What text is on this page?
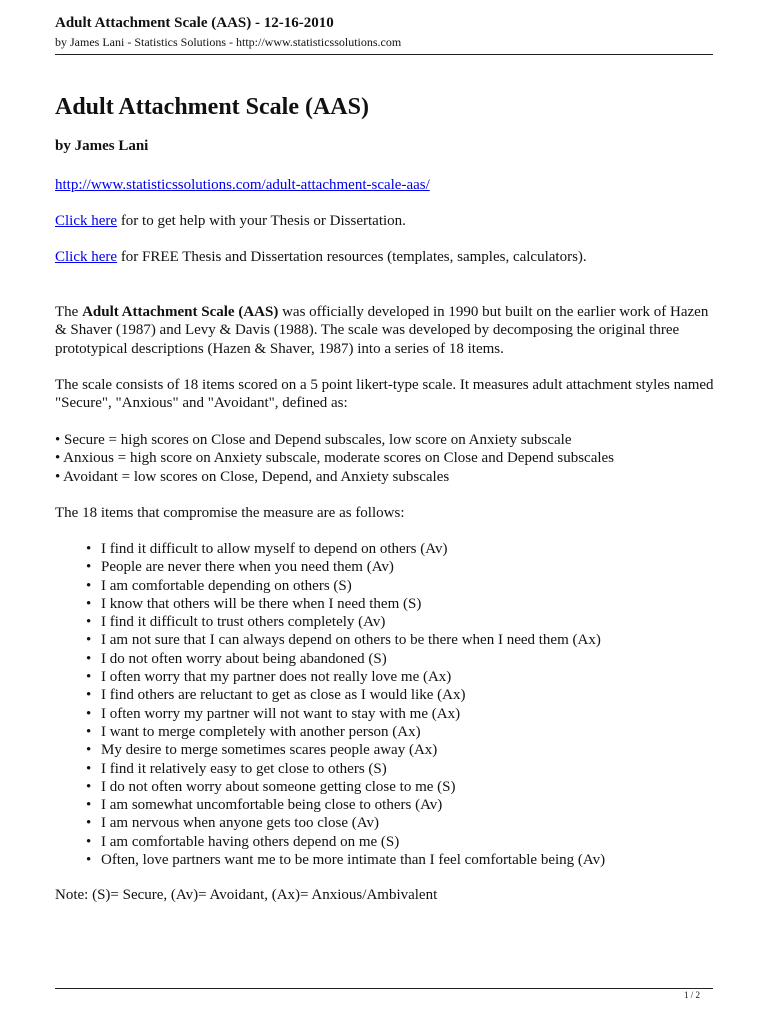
Adult Attachment Scale (AAS) - 12-16-2010
by James Lani - Statistics Solutions - http://www.statisticssolutions.com
Adult Attachment Scale (AAS)
by James Lani
http://www.statisticssolutions.com/adult-attachment-scale-aas/
Click here for to get help with your Thesis or Dissertation.
Click here for FREE Thesis and Dissertation resources (templates, samples, calculators).

The Adult Attachment Scale (AAS) was officially developed in 1990 but built on the earlier work of Hazen & Shaver (1987) and Levy & Davis (1988). The scale was developed by decomposing the original three prototypical descriptions (Hazen & Shaver, 1987) into a series of 18 items.

The scale consists of 18 items scored on a 5 point likert-type scale. It measures adult attachment styles named "Secure", "Anxious" and "Avoidant", defined as:

• Secure = high scores on Close and Depend subscales, low score on Anxiety subscale
• Anxious = high score on Anxiety subscale, moderate scores on Close and Depend subscales
• Avoidant = low scores on Close, Depend, and Anxiety subscales

The 18 items that compromise the measure are as follows:

• I find it difficult to allow myself to depend on others (Av)
• People are never there when you need them (Av)
• I am comfortable depending on others (S)
• I know that others will be there when I need them (S)
• I find it difficult to trust others completely (Av)
• I am not sure that I can always depend on others to be there when I need them (Ax)
• I do not often worry about being abandoned (S)
• I often worry that my partner does not really love me (Ax)
• I find others are reluctant to get as close as I would like (Ax)
• I often worry my partner will not want to stay with me (Ax)
• I want to merge completely with another person (Ax)
• My desire to merge sometimes scares people away (Ax)
• I find it relatively easy to get close to others (S)
• I do not often worry about someone getting close to me (S)
• I am somewhat uncomfortable being close to others (Av)
• I am nervous when anyone gets too close (Av)
• I am comfortable having others depend on me (S)
• Often, love partners want me to be more intimate than I feel comfortable being (Av)
Note: (S)= Secure, (Av)= Avoidant, (Ax)= Anxious/Ambivalent
1 / 2
